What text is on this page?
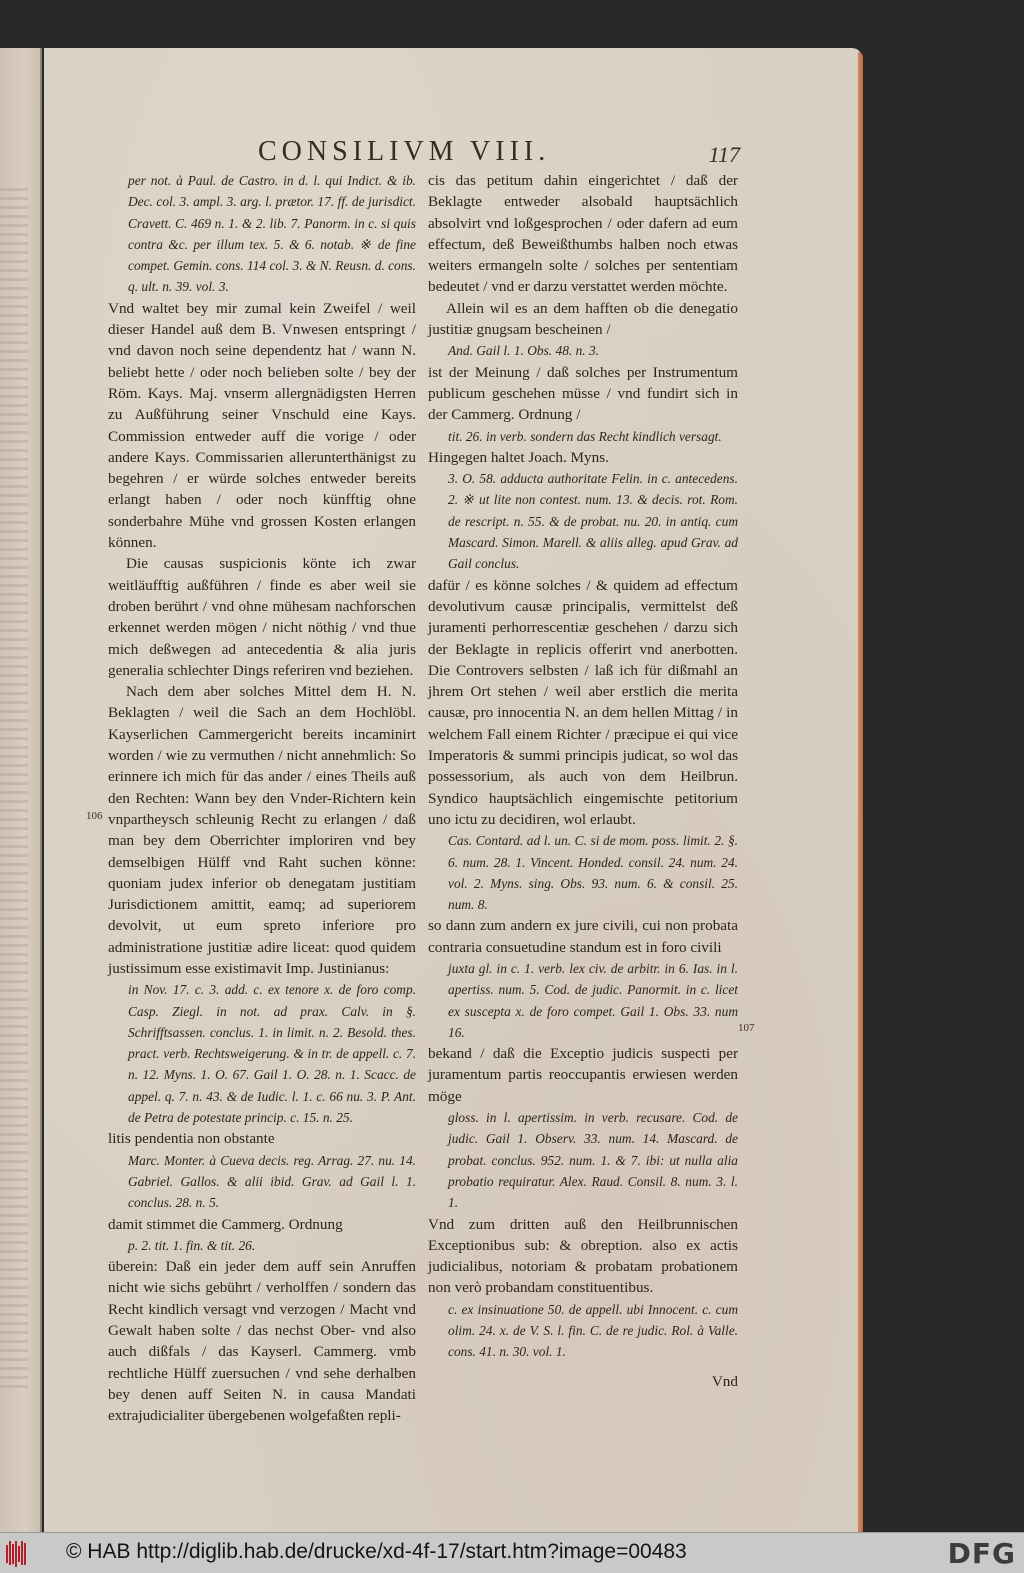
CONSILIVM VIII.	117

per not. à Paul. de Castro. in d. l. qui Indict. & ib. Dec. col. 3. ampl. 3. arg. l. prætor. 17. ff. de jurisdict. Cravett. C. 469 n. 1. & 2. lib. 7. Panorm. in c. si quis contra &c. per illum tex. 5. & 6. notab. ※ de fine compet. Gemin. cons. 114 col. 3. & N. Reusn. d. cons. q. ult. n. 39. vol. 3.

Vnd waltet bey mir zumal kein Zweifel / weil dieser Handel auß dem B. Vnwesen entspringt / vnd davon noch seine dependentz hat / wann N. beliebt hette / oder noch belieben solte / bey der Röm. Kays. Maj. vnserm allergnädigsten Herren zu Außführung seiner Vnschuld eine Kays. Commission entweder auff die vorige / oder andere Kays. Commissarien allerunterthänigst zu begehren / er würde solches entweder bereits erlangt haben / oder noch künfftig ohne sonderbahre Mühe vnd grossen Kosten erlangen können.

Die causas suspicionis könte ich zwar weitläufftig außführen / finde es aber weil sie droben berührt / vnd ohne mühesam nachforschen erkennet werden mögen / nicht nöthig / vnd thue mich deßwegen ad antecedentia & alia juris generalia schlechter Dings referiren vnd beziehen.

Nach dem aber solches Mittel dem H. N. Beklagten / weil die Sach an dem Hochlöbl. Kayserlichen Cammergericht bereits incaminirt worden / wie zu vermuthen / nicht annehmlich: So erinnere ich mich für das ander / eines Theils auß den Rechten: Wann bey den Vnder-Richtern kein vnpartheysch schleunig Recht zu erlangen / daß man bey dem Oberrichter imploriren vnd bey demselbigen Hülff vnd Raht suchen könne: quoniam judex inferior ob denegatam justitiam Jurisdictionem amittit, eamq; ad superiorem devolvit, ut eum spreto inferiore pro administratione justitiæ adire liceat: quod quidem justissimum esse existimavit Imp. Justinianus:

in Nov. 17. c. 3. add. c. ex tenore x. de foro comp. Casp. Ziegl. in not. ad prax. Calv. in §. Schrifftsassen. conclus. 1. in limit. n. 2. Besold. thes. pract. verb. Rechtsweigerung. & in tr. de appell. c. 7. n. 12. Myns. 1. O. 67. Gail 1. O. 28. n. 1. Scacc. de appel. q. 7. n. 43. & de Iudic. l. 1. c. 66 nu. 3. P. Ant. de Petra de potestate princip. c. 15. n. 25.

litis pendentia non obstante

Marc. Monter. à Cueva decis. reg. Arrag. 27. nu. 14. Gabriel. Gallos. & alii ibid. Grav. ad Gail l. 1. conclus. 28. n. 5.

damit stimmet die Cammerg. Ordnung

p. 2. tit. 1. fin. & tit. 26.

überein: Daß ein jeder dem auff sein Anruffen nicht wie sichs gebührt / verholffen / sondern das Recht kindlich versagt vnd verzogen / Macht vnd Gewalt haben solte / das nechst Ober- vnd also auch dißfals / das Kayserl. Cammerg. vmb rechtliche Hülff zuersuchen / vnd sehe derhalben bey denen auff Seiten N. in causa Mandati extrajudicialiter übergebenen wolgefaßten repli-

106
107

cis das petitum dahin eingerichtet / daß der Beklagte entweder alsobald hauptsächlich absolvirt vnd loßgesprochen / oder dafern ad eum effectum, deß Beweißthumbs halben noch etwas weiters ermangeln solte / solches per sententiam bedeutet / vnd er darzu verstattet werden möchte.

Allein wil es an dem hafften ob die denegatio justitiæ gnugsam bescheinen /

And. Gail l. 1. Obs. 48. n. 3.

ist der Meinung / daß solches per Instrumentum publicum geschehen müsse / vnd fundirt sich in der Cammerg. Ordnung /

tit. 26. in verb. sondern das Recht kindlich versagt.

Hingegen haltet Joach. Myns.

3. O. 58. adducta authoritate Felin. in c. antecedens. 2. ※ ut lite non contest. num. 13. & decis. rot. Rom. de rescript. n. 55. & de probat. nu. 20. in antiq. cum Mascard. Simon. Marell. & aliis alleg. apud Grav. ad Gail conclus.

dafür / es könne solches / & quidem ad effectum devolutivum causæ principalis, vermittelst deß juramenti perhorrescentiæ geschehen / darzu sich der Beklagte in replicis offerirt vnd anerbotten. Die Controvers selbsten / laß ich für dißmahl an jhrem Ort stehen / weil aber erstlich die merita causæ, pro innocentia N. an dem hellen Mittag / in welchem Fall einem Richter / præcipue ei qui vice Imperatoris & summi principis judicat, so wol das possessorium, als auch von dem Heilbrun. Syndico hauptsächlich eingemischte petitorium uno ictu zu decidiren, wol erlaubt.

Cas. Contard. ad l. un. C. si de mom. poss. limit. 2. §. 6. num. 28. 1. Vincent. Honded. consil. 24. num. 24. vol. 2. Myns. sing. Obs. 93. num. 6. & consil. 25. num. 8.

so dann zum andern ex jure civili, cui non probata contraria consuetudine standum est in foro civili

juxta gl. in c. 1. verb. lex civ. de arbitr. in 6. Ias. in l. apertiss. num. 5. Cod. de judic. Panormit. in c. licet ex suscepta x. de foro compet. Gail 1. Obs. 33. num 16.

bekand / daß die Exceptio judicis suspecti per juramentum partis reoccupantis erwiesen werden möge

gloss. in l. apertissim. in verb. recusare. Cod. de judic. Gail 1. Observ. 33. num. 14. Mascard. de probat. conclus. 952. num. 1. & 7. ibi: ut nulla alia probatio requiratur. Alex. Raud. Consil. 8. num. 3. l. 1.

Vnd zum dritten auß den Heilbrunnischen Exceptionibus sub: & obreption. also ex actis judicialibus, notoriam & probatam probationem non verò probandam constituentibus.

c. ex insinuatione 50. de appell. ubi Innocent. c. cum olim. 24. x. de V. S. l. fin. C. de re judic. Rol. à Valle. cons. 41. n. 30. vol. 1.

Vnd
© HAB http://diglib.hab.de/drucke/xd-4f-17/start.htm?image=00483	DFG
